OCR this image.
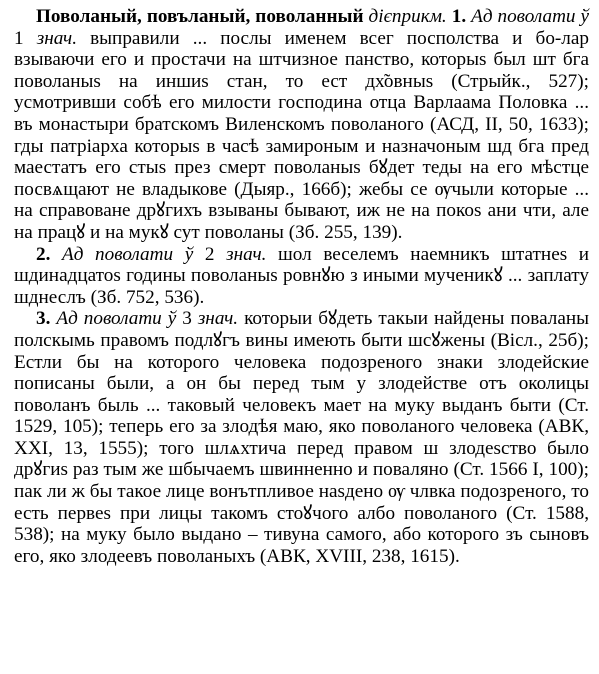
Поволаный, повъланый, поволанный дієприкм. 1. Ад поволати ў 1 знач. выправили ... послы именем всег посполства и бо-лар взываючи его и простачи на штчизное панство, которыs был шт бга поволаныs на иншиs стан, то ест дх̃овныs (Стрыйк., 527); усмотривши собѣ его милости господина отца Варлаама Половка ... въ монастыри братскомъ Виленскомъ поволаного (АСД, II, 50, 1633); гды патріарха которыs в часѣ замироным и назначоным шд бга пред маестатъ его стыs през смерт поволаныs бꙋдет теды на его мѣстце посвѧщают не владыкове (Дыяр., 166б); жебы се ѹчыли которые ... на справоване дрꙋгихъ взываны бывают, иж не на покоs ани чти, але на працꙋ и на мукꙋ сут поволаны (Зб. 255, 139).

2. Ад поволати ў 2 знач. шол веселемъ наемникъ штатнеs и шдинадцатоs годины поволаныs ровнꙋю з иными мученикꙋ ... заплату шднеслъ (Зб. 752, 536).

3. Ад поволати ў 3 знач. которыи бꙋдеть такыи найдены поваланы полскымь правомъ подлꙋгъ вины имеють быти шсꙋжены (Віcл., 25б); Естли бы на которого человека подозреного знаки злодейские пописаны были, а он бы перед тым у злодействе отъ околицы поволанъ быль ... таковый человекъ мает на муку выданъ быти (Ст. 1529, 105); теперь его за злодѣя маю, яко поволаного человека (АВК, XXI, 13, 1555); того шлѧхтича перед правом ш злодеsство было дрꙋгиs раз тым же шбычаемъ швинненно и поваляно (Ст. 1566 I, 100); пак ли ж бы такое лице вонътпливое наsдено ѹ члвка подозреного, то есть первеs при лицы такомъ стоꙋчого албо поволаного (Ст. 1588, 538); на муку было выдано – тивуна самого, або которого зъ сыновъ его, яко злодеевъ поволаныхъ (АВК, XVIII, 238, 1615).
